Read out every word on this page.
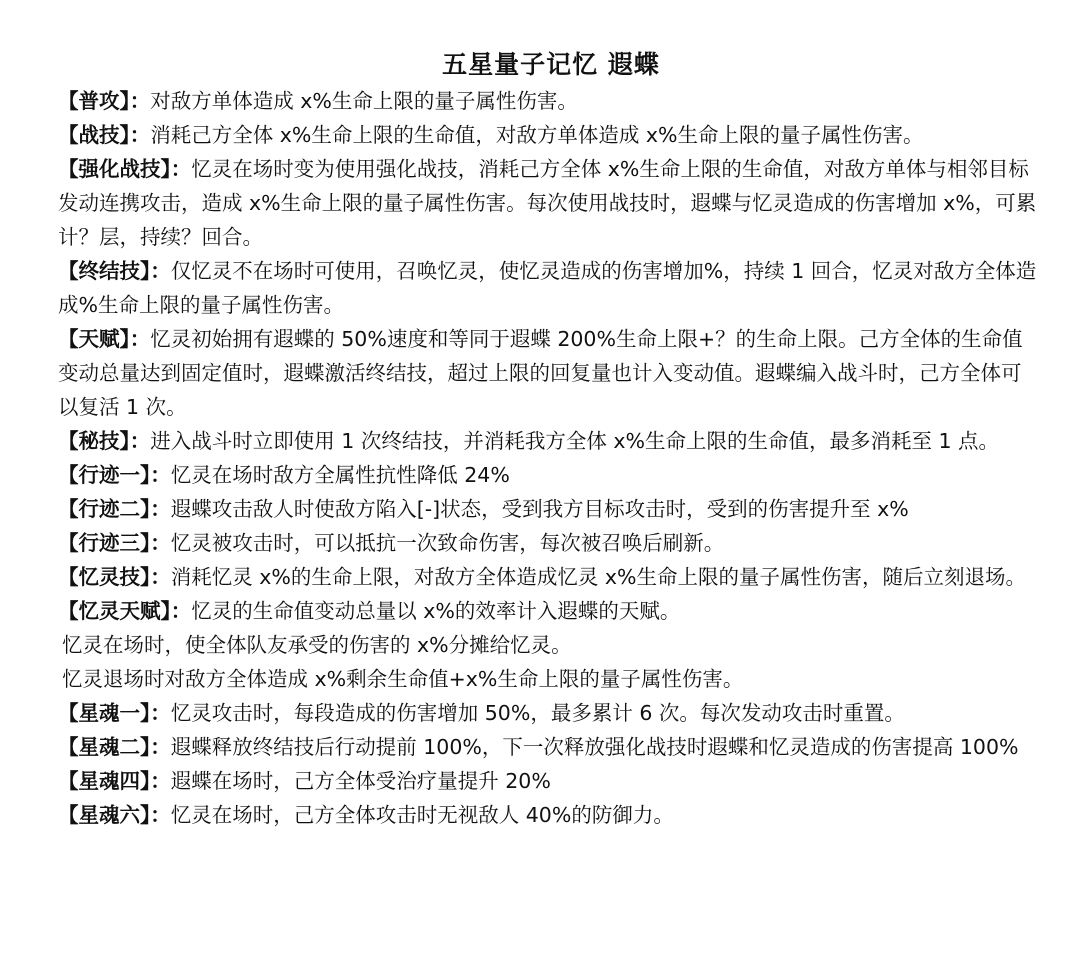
五星量子记忆 遐蝶

【普攻】：对敌方单体造成 x%生命上限的量子属性伤害。

【战技】：消耗己方全体 x%生命上限的生命值，对敌方单体造成 x%生命上限的量子属性伤害。

【强化战技】：忆灵在场时变为使用强化战技，消耗己方全体 x%生命上限的生命值，对敌方单体与相邻目标发动连携攻击，造成 x%生命上限的量子属性伤害。每次使用战技时，遐蝶与忆灵造成的伤害增加 x%，可累计？层，持续？回合。

【终结技】：仅忆灵不在场时可使用，召唤忆灵，使忆灵造成的伤害增加%，持续 1 回合，忆灵对敌方全体造成%生命上限的量子属性伤害。

【天赋】：忆灵初始拥有遐蝶的 50%速度和等同于遐蝶 200%生命上限+？的生命上限。己方全体的生命值变动总量达到固定值时，遐蝶激活终结技，超过上限的回复量也计入变动值。遐蝶编入战斗时，己方全体可以复活 1 次。

【秘技】：进入战斗时立即使用 1 次终结技，并消耗我方全体 x%生命上限的生命值，最多消耗至 1 点。

【行迹一】：忆灵在场时敌方全属性抗性降低 24%

【行迹二】：遐蝶攻击敌人时使敌方陷入[-]状态，受到我方目标攻击时，受到的伤害提升至 x%

【行迹三】：忆灵被攻击时，可以抵抗一次致命伤害，每次被召唤后刷新。

【忆灵技】：消耗忆灵 x%的生命上限，对敌方全体造成忆灵 x%生命上限的量子属性伤害，随后立刻退场。

【忆灵天赋】：忆灵的生命值变动总量以 x%的效率计入遐蝶的天赋。

忆灵在场时，使全体队友承受的伤害的 x%分摊给忆灵。

忆灵退场时对敌方全体造成 x%剩余生命值+x%生命上限的量子属性伤害。

【星魂一】：忆灵攻击时，每段造成的伤害增加 50%，最多累计 6 次。每次发动攻击时重置。

【星魂二】：遐蝶释放终结技后行动提前 100%，下一次释放强化战技时遐蝶和忆灵造成的伤害提高 100%

【星魂四】：遐蝶在场时，己方全体受治疗量提升 20%

【星魂六】：忆灵在场时，己方全体攻击时无视敌人 40%的防御力。
